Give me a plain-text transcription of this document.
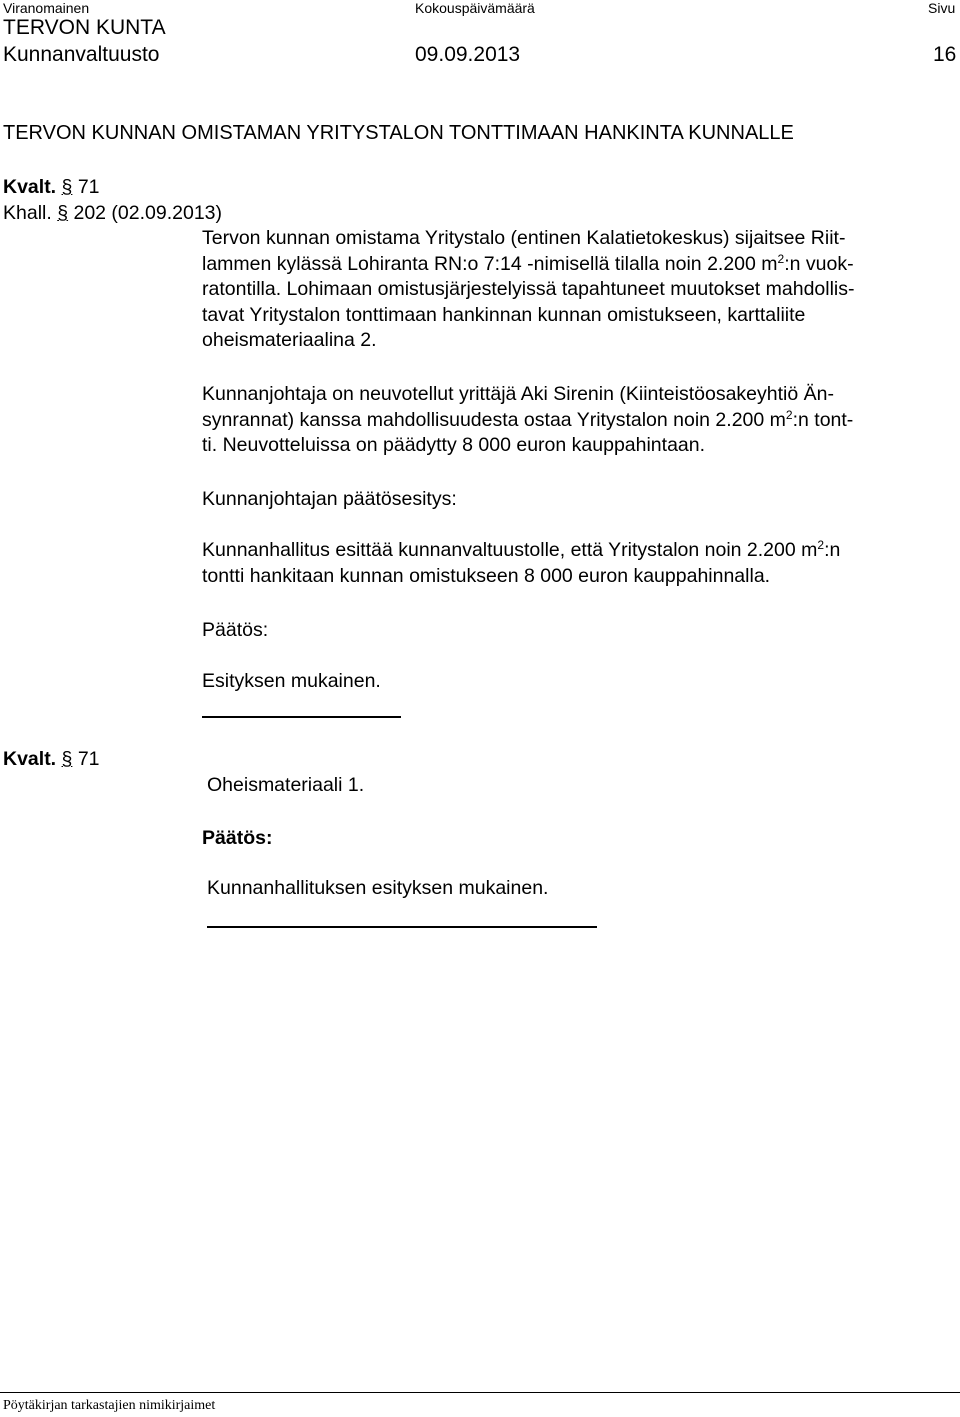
Viranomainen	Kokouspäivämäärä	Sivu
TERVON KUNTA
Kunnanvaltuusto	09.09.2013	16
TERVON KUNNAN OMISTAMAN YRITYSTALON TONTTIMAAN HANKINTA KUNNALLE
Kvalt. § 71
Khall. § 202 (02.09.2013)
Tervon kunnan omistama Yritystalo (entinen Kalatietokeskus) sijaitsee Riit-
lammen kylässä Lohiranta RN:o 7:14 -nimisellä tilalla noin 2.200 $m^2:n$ vuok-
ratontilla. Lohimaan omistusjärjestelyissä tapahtuneet muutokset mahdollis-
tavat Yritystalon tonttimaan hankinnan kunnan omistukseen, karttaliite
oheismateriaalina 2.
Kunnanjohtaja on neuvotellut yrittäjä Aki Sirenin (Kiinteistöosakeyhtiö Än-
synrannat) kanssa mahdollisuudesta ostaa Yritystalon noin 2.200 $m^2:n$ tont-
ti. Neuvotteluissa on päädytty 8 000 euron kauppahintaan.
Kunnanjohtajan päätösesitys:
Kunnanhallitus esittää kunnanvaltuustolle, että Yritystalon noin 2.200 $m^2:n$
tontti hankitaan kunnan omistukseen 8 000 euron kauppahinnalla.
Päätös:
Esityksen mukainen.
Kvalt. § 71
Oheismateriaali 1.
Päätös:
Kunnanhallituksen esityksen mukainen.
Pöytäkirjan tarkastajien nimikirjaimet
